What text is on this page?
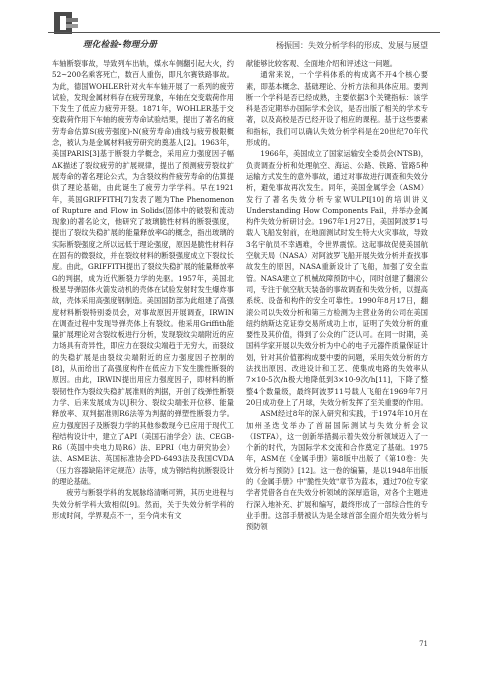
理化检验-物理分册	杨振国：失效分析学科的形成、发展与展望

车轴断裂事故，导致列车出轨，煤水车侧翻引起大火，约52~200名乘客死亡，数百人重伤，即凡尔赛铁路事故。为此，德国WOHLER针对火车车轴开展了一系列的疲劳试验，发现金属材料存在疲劳现象，车轴在交变载荷作用下发生了低应力疲劳开裂。1871年，WOHLER基于交变载荷作用下车轴的疲劳寿命试验结果，提出了著名的疲劳寿命估算S(疲劳强度)-N(疲劳寿命)曲线与疲劳极限概念，被认为是金属材料疲劳研究的奠基人[2]。1963年，美国PARIS[3]基于断裂力学概念，采用应力强度因子幅ΔK描述了裂纹疲劳的扩展规律，提出了预测疲劳裂纹扩展寿命的著名理论公式，为含裂纹构件疲劳寿命的估算提供了理论基础，由此诞生了疲劳力学学科。早在1921年，英国GRIFFITH[7]发表了题为The Phenomenon of Rupture and Flow in Solids(固体中的破裂和流动现象)的著名论文，他研究了玻璃脆性材料的断裂强度，提出了裂纹失稳扩展的能量释放率G的概念，指出玻璃的实际断裂强度之所以远低于理论强度，原因是脆性材料存在固有的微裂纹，并在裂纹材料的断裂强度成立下裂纹长度。由此，GRIFFITH提出了裂纹失稳扩展的能量释放率G的判据，成为近代断裂力学的先驱。1957年，美国北极星导弹固体火箭发动机的壳体在试验发射时发生爆炸事故，壳体采用高强度钢制造。美国国防部为此组建了高强度材料断裂特别委员会，对事故原因开展调查，IRWIN在调查过程中发现导弹壳体上有裂纹。他采用Griffith能量扩展理论对含裂纹板进行分析，发现裂纹尖端附近的应力场具有奇异性，即应力在裂纹尖端趋于无穷大，而裂纹的失稳扩展是由裂纹尖端附近的应力强度因子控制的[8]，从而给出了高强度构件在低应力下发生脆性断裂的原因。由此，IRWIN提出用应力强度因子，即材料的断裂韧性作为裂纹失稳扩展准则的判据，开创了线弹性断裂力学、后来发展成为以J积分、裂纹尖端张开位移、能量释放率、双判据准则R6法等为判据的弹塑性断裂力学。应力强度因子及断裂力学的其他参数现今已应用于现代工程结构设计中，建立了API（美国石油学会）法、CEGB-R6（英国中央电力局R6）法、EPRI（电力研究协会）法、ASME法、英国标准协会PD-6493法及我国CVDA（压力容器缺陷评定规范）法等，成为钢结构抗断裂设计的理论基础。

疲劳与断裂学科的发展脉络清晰可辨，其历史进程与失效分析学科大致相似[9]。然而，关于失效分析学科的形成时间，学界观点不一，至今尚未有文

献能够比较客观、全面地介绍和评述这一问题。

通常来说，一个学科体系的构成离不开4个核心要素，即基本概念、基础理论、分析方法和具体应用。要判断一个学科是否已经成熟，主要依据3个关键指标：该学科是否定期举办国际学术会议，是否出版了相关的学术专著，以及高校是否已经开设了相应的课程。基于这些要素和指标，我们可以确认失效分析学科是在20世纪70年代形成的。

1966年，美国成立了国家运输安全委员会(NTSB)，负责调查分析和处理航空、海运、公路、铁路、管路5种运输方式发生的意外事故，通过对事故进行调查和失效分析，避免事故再次发生。同年，美国金属学会（ASM）发行了著名失效分析专家WULPI[10]的培训讲义Understanding How Components Fail，并举办金属构件失效分析研讨会。1967年1月27日，美国阿波罗1号载人飞船发射前，在地面测试时发生特大火灾事故，导致3名宇航员不幸遇难，令世界震惊。这起事故促使美国航空航天局（NASA）对阿波罗飞船开展失效分析并查找事故发生的原因，NASA重新设计了飞船，加强了安全监管。NASA建立了机械故障预防中心，同时创建了翻滚公司，专注于航空航天装备的事故调查和失效分析，以提高系统、设备和构件的安全可靠性。1990年8月17日，翻滚公司以失效分析和第三方检测为主营业务的公司在美国纽约纳斯达克证券交易所成功上市，证明了失效分析的重要性及其价值，得到了公众的广泛认可。在同一时期，美国科学家开展以失效分析为中心的电子元器件质量保证计划，针对其价值都构成要中要的问题，采用失效分析的方法找出原因、改进设计和工艺、使集成电路的失效率从7×10-5次/h极大地降低到3×10-9次/h[11]，下降了整整4个数量级，最终阿波罗11号载人飞船在1969年7月20日成功登上了月球，失效分析发挥了至关重要的作用。

ASM经过8年的深入研究和实践，于1974年10月在加州圣迭戈举办了首届国际测试与失效分析会议（ISTFA），这一创新举措揭示着失效分析领域迈入了一个新的时代，为国际学术交流和合作奠定了基础。1975年，ASM在《金属手册》第8版中出版了《第10卷：失效分析与预防》[12]。这一卷的编纂，是以1948年出版的《金属手册》中"脆性失效"章节为蓝本，通过70位专家学者凭借各自在失效分析领域的深厚造诣，对各个主题进行深入地补充、扩展和编写，最终形成了一部综合性的专业手册。这部手册被认为是全球首部全面介绍失效分析与预防领

71
